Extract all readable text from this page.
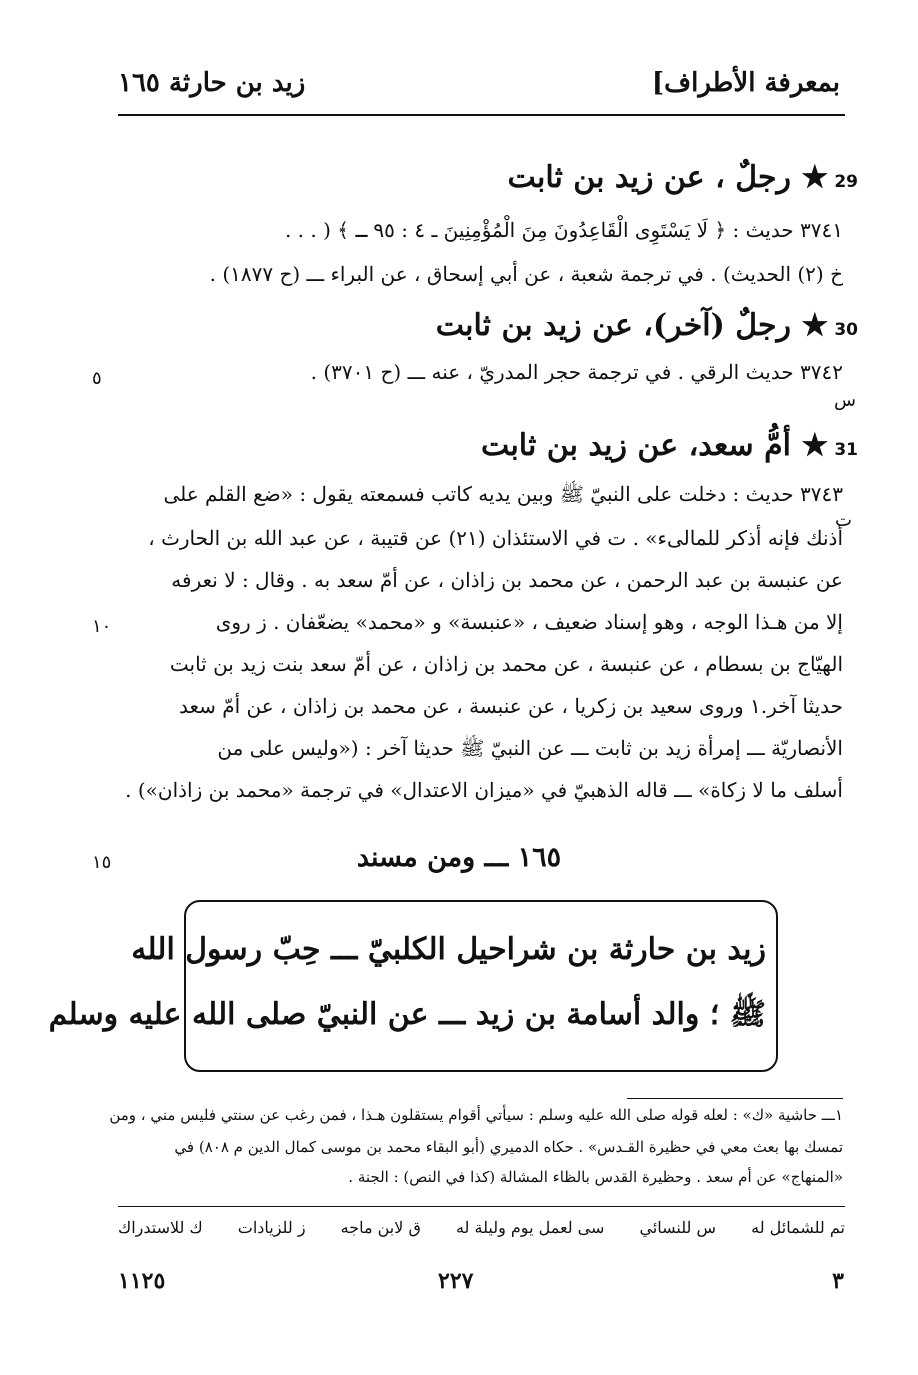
بمعرفة الأطراف]
زيد بن حارثة ١٦٥
29★ رجلٌ ، عن زيد بن ثابت
٣٧٤١ حديث : ﴿ لَا يَسْتَوِى الْقَاعِدُونَ مِنَ الْمُؤْمِنِينَ ـ ٤ : ٩٥ ـ ﴾ ( . . .
خ (٢) الحديث) . في ترجمة شعبة ، عن أبي إسحاق ، عن البراء ـــ (ح ١٨٧٧) .
30★ رجلٌ (آخر)، عن زيد بن ثابت
٣٧٤٢ حديث الرقي . في ترجمة حجر المدريّ ، عنه ـــ (ح ٣٧٠١) .
س
٥
31★ أمُّ سعد، عن زيد بن ثابت
٣٧٤٣ حديث : دخلت على النبيّ ﷺ وبين يديه كاتب فسمعته يقول : «ضع القلم على
ت
أذنك فإنه أذكر للمالىء» . ت في الاستئذان (٢١) عن قتيبة ، عن عبد الله بن الحارث ،
عن عنبسة بن عبد الرحمن ، عن محمد بن زاذان ، عن أمّ سعد به . وقال : لا نعرفه
إلا من هـذا الوجه ، وهو إسناد ضعيف ، «عنبسة» و «محمد» يضعّفان . ز روى
١٠
الهيّاج بن بسطام ، عن عنبسة ، عن محمد بن زاذان ، عن أمّ سعد بنت زيد بن ثابت
حديثا آخر.١ وروى سعيد بن زكريا ، عن عنبسة ، عن محمد بن زاذان ، عن أمّ سعد
الأنصاريّة ـــ إمرأة زيد بن ثابت ـــ عن النبيّ ﷺ حديثا آخر : («وليس على من
أسلف ما لا زكاة» ـــ قاله الذهبيّ في «ميزان الاعتدال» في ترجمة «محمد بن زاذان») .
١٦٥ ـــ ومن مسند
١٥
زيد بن حارثة بن شراحيل الكلبيّ ـــ حِبّ رسول الله
ﷺ ؛ والد أسامة بن زيد ـــ عن النبيّ صلى الله عليه وسلم
١ـــ حاشية «ك» : لعله قوله صلى الله عليه وسلم : سيأتي أقوام يستقلون هـذا ، فمن رغب عن سنتي فليس مني ، ومن
تمسك بها بعث معي في حظيرة القـدس» . حكاه الدميري (أبو البقاء محمد بن موسى كمال الدين م ٨٠٨) في
«المنهاج» عن أم سعد . وحظيرة القدس بالظاء المشالة (كذا في النص) : الجنة .
تم للشمائل له
س للنسائي
سى لعمل يوم وليلة له
ق لابن ماجه
ز للزيادات
ك للاستدراك
٣
٢٢٧
١١٢٥
